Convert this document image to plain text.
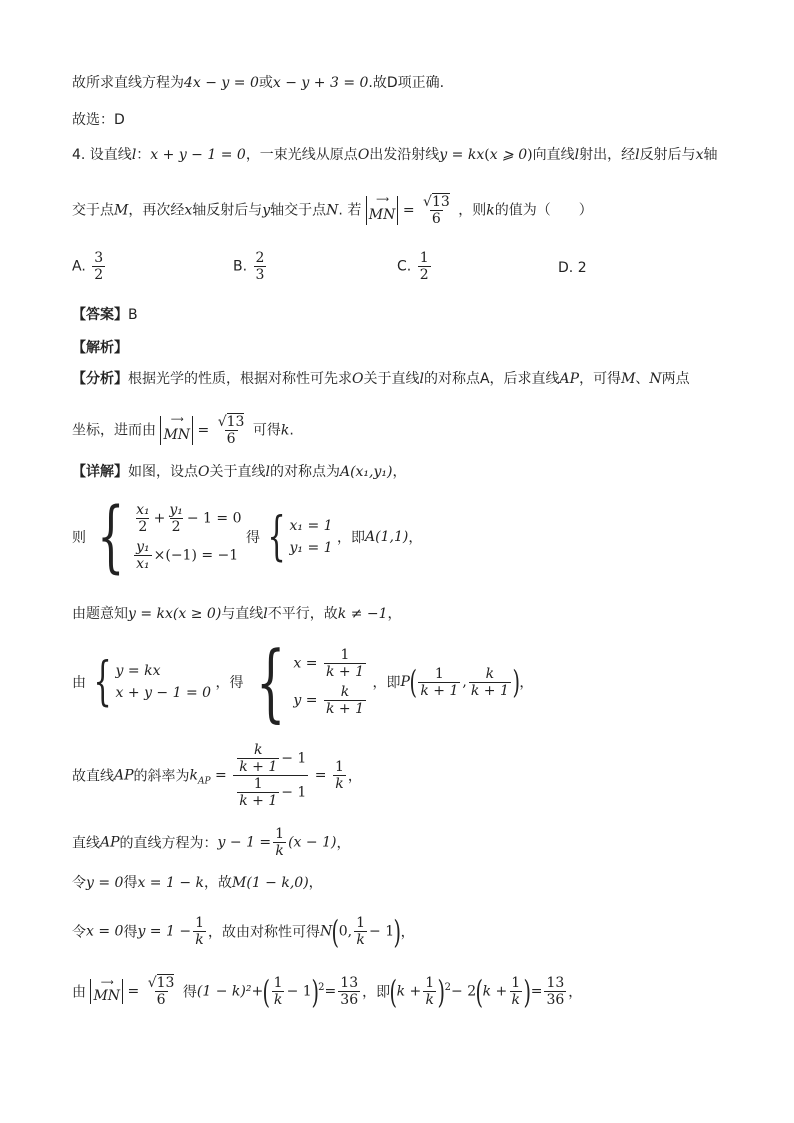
故所求直线方程为4x − y = 0或x − y + 3 = 0.故D项正确.
故选：D
4. 设直线l：x + y − 1 = 0，一束光线从原点O出发沿射线y = kx(x ⩾ 0)向直线l射出，经l反射后与x轴
交于点M，再次经x轴反射后与y轴交于点N. 若
⟶
MN = $\frac{√13}{6}$ ，则k的值为（　　）
A. $\frac{3}{2}$	B. $\frac{2}{3}$	C. $\frac{1}{2}$	D. 2
【答案】B
【解析】
【分析】根据光学的性质，根据对称性可先求O关于直线l的对称点A，后求直线AP，可得M、N两点
坐标，进而由
⟶
MN = $\frac{√13}{6}$ 可得k.
【详解】如图，设点O关于直线l的对称点为A(x₁,y₁)，
则 { $\frac{\text{x₁}}{2} + \frac{\text{y₁}}{2} - 1 = 0$
$\frac{\text{y₁}}{\text{x₁}} \times(-1) = -1$
得 { x₁ = 1
y₁ = 1
，即A(1,1)，
由题意知y = kx(x ≥ 0)与直线l不平行，故k ≠ −1，
由 { y = kx
x + y − 1 = 0
，得 { $x = \frac{1}{k + 1}$
$y = \frac{k}{k + 1}$
，即$P( \frac{1}{k + 1}$ , $\frac{k}{k + 1}$ )，
故直线AP的斜率为$k_{AP} = \frac{\frac{k}{k + 1} - 1}{\frac{1}{k + 1} - 1} = \frac{1}{k}$ ，
直线AP的直线方程为：$y - 1 = \frac{1}{k} (x - 1)$，
令y = 0得x = 1 − k，故M(1 − k,0)，
令x = 0得$y = 1 - \frac{1}{k}$ ，故由对称性可得N(0, $\frac{1}{k} - 1$)，
由
⟶
MN = $\frac{√13}{6}$ 得$(1 - k)^2+( \frac{1}{k} - 1)^2= \frac{13}{36}$ ，即$(k + \frac{1}{k} )^2- 2(k + \frac{1}{k}$ )= $\frac{13}{36}$ ，
